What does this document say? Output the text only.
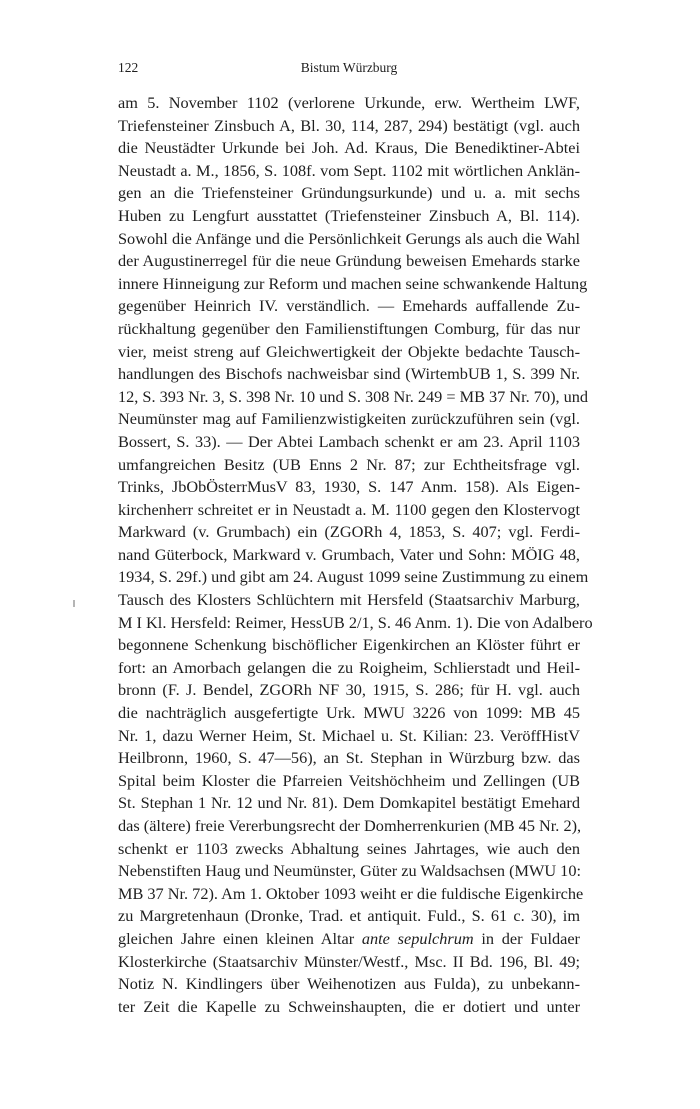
122	Bistum Würzburg
am 5. November 1102 (verlorene Urkunde, erw. Wertheim LWF,
Triefensteiner Zinsbuch A, Bl. 30, 114, 287, 294) bestätigt (vgl. auch
die Neustädter Urkunde bei Joh. Ad. Kraus, Die Benediktiner-Abtei
Neustadt a. M., 1856, S. 108f. vom Sept. 1102 mit wörtlichen Anklän-
gen an die Triefensteiner Gründungsurkunde) und u. a. mit sechs
Huben zu Lengfurt ausstattet (Triefensteiner Zinsbuch A, Bl. 114).
Sowohl die Anfänge und die Persönlichkeit Gerungs als auch die Wahl
der Augustinerregel für die neue Gründung beweisen Emehards starke
innere Hinneigung zur Reform und machen seine schwankende Haltung
gegenüber Heinrich IV. verständlich. — Emehards auffallende Zu-
rückhaltung gegenüber den Familienstiftungen Comburg, für das nur
vier, meist streng auf Gleichwertigkeit der Objekte bedachte Tausch-
handlungen des Bischofs nachweisbar sind (WirtembUB 1, S. 399 Nr.
12, S. 393 Nr. 3, S. 398 Nr. 10 und S. 308 Nr. 249 = MB 37 Nr. 70), und
Neumünster mag auf Familienzwistigkeiten zurückzuführen sein (vgl.
Bossert, S. 33). — Der Abtei Lambach schenkt er am 23. April 1103
umfangreichen Besitz (UB Enns 2 Nr. 87; zur Echtheitsfrage vgl.
Trinks, JbObÖsterrMusV 83, 1930, S. 147 Anm. 158). Als Eigen-
kirchenherr schreitet er in Neustadt a. M. 1100 gegen den Klostervogt
Markward (v. Grumbach) ein (ZGORh 4, 1853, S. 407; vgl. Ferdi-
nand Güterbock, Markward v. Grumbach, Vater und Sohn: MÖIG 48,
1934, S. 29f.) und gibt am 24. August 1099 seine Zustimmung zu einem
Tausch des Klosters Schlüchtern mit Hersfeld (Staatsarchiv Marburg,
M I Kl. Hersfeld: Reimer, HessUB 2/1, S. 46 Anm. 1). Die von Adalbero
begonnene Schenkung bischöflicher Eigenkirchen an Klöster führt er
fort: an Amorbach gelangen die zu Roigheim, Schlierstadt und Heil-
bronn (F. J. Bendel, ZGORh NF 30, 1915, S. 286; für H. vgl. auch
die nachträglich ausgefertigte Urk. MWU 3226 von 1099: MB 45
Nr. 1, dazu Werner Heim, St. Michael u. St. Kilian: 23. VeröffHistV
Heilbronn, 1960, S. 47—56), an St. Stephan in Würzburg bzw. das
Spital beim Kloster die Pfarreien Veitshöchheim und Zellingen (UB
St. Stephan 1 Nr. 12 und Nr. 81). Dem Domkapitel bestätigt Emehard
das (ältere) freie Vererbungsrecht der Domherrenkurien (MB 45 Nr. 2),
schenkt er 1103 zwecks Abhaltung seines Jahrtages, wie auch den
Nebenstiften Haug und Neumünster, Güter zu Waldsachsen (MWU 10:
MB 37 Nr. 72). Am 1. Oktober 1093 weiht er die fuldische Eigenkirche
zu Margretenhaun (Dronke, Trad. et antiquit. Fuld., S. 61 c. 30), im
gleichen Jahre einen kleinen Altar ante sepulchrum in der Fuldaer
Klosterkirche (Staatsarchiv Münster/Westf., Msc. II Bd. 196, Bl. 49;
Notiz N. Kindlingers über Weihenotizen aus Fulda), zu unbekann-
ter Zeit die Kapelle zu Schweinshaupten, die er dotiert und unter
